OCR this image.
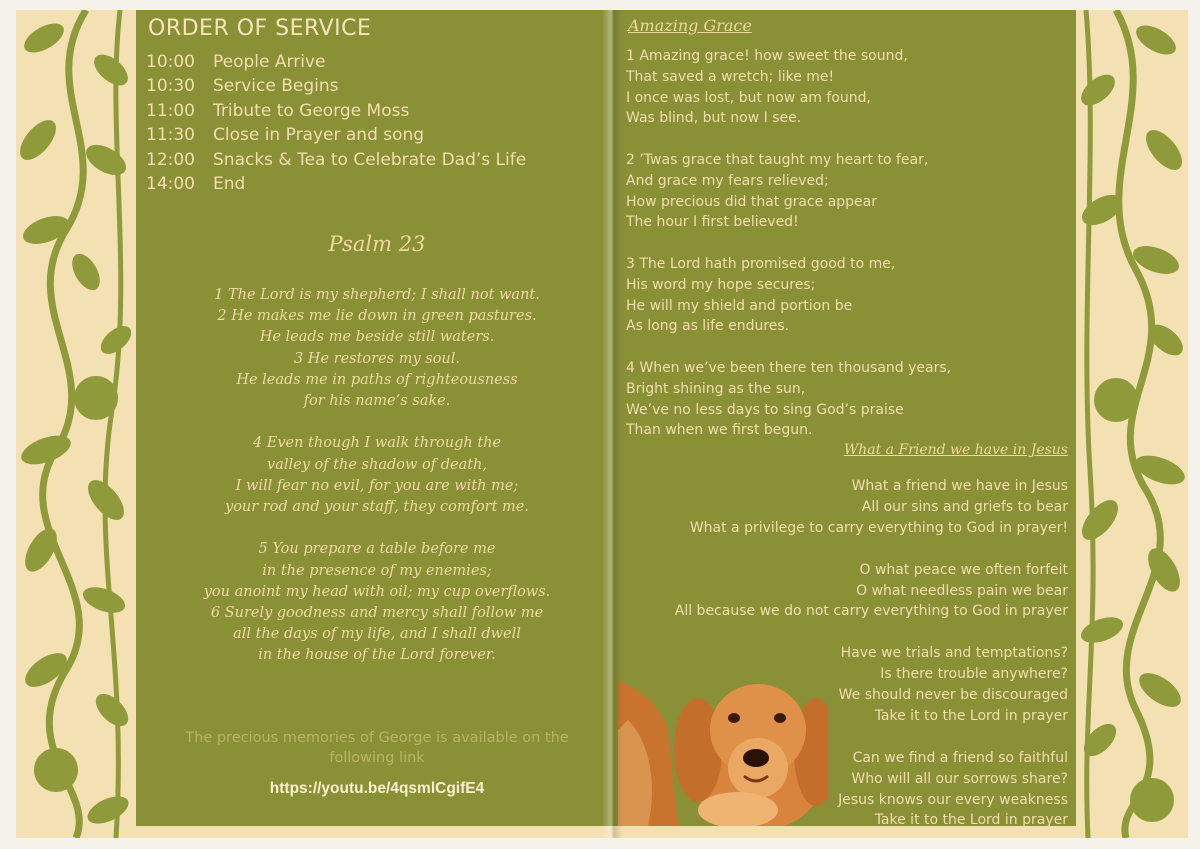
ORDER OF SERVICE
10:00	People Arrive
10:30	Service Begins
11:00	Tribute to George Moss
11:30	Close in Prayer and song
12:00	Snacks & Tea to Celebrate Dad’s Life
14:00	End
Psalm 23
1 The Lord is my shepherd; I shall not want.
2 He makes me lie down in green pastures.
He leads me beside still waters.
3 He restores my soul.
He leads me in paths of righteousness
for his name’s sake.
4 Even though I walk through the
valley of the shadow of death,
I will fear no evil, for you are with me;
your rod and your staff, they comfort me.
5 You prepare a table before me
in the presence of my enemies;
you anoint my head with oil; my cup overflows.
6 Surely goodness and mercy shall follow me
all the days of my life, and I shall dwell
in the house of the Lord forever.
The precious memories of George is available on the
following link
https://youtu.be/4qsmlCgifE4
Amazing Grace
1 Amazing grace! how sweet the sound,
That saved a wretch; like me!
I once was lost, but now am found,
Was blind, but now I see.
2 ’Twas grace that taught my heart to fear,
And grace my fears relieved;
How precious did that grace appear
The hour I first believed!
3 The Lord hath promised good to me,
His word my hope secures;
He will my shield and portion be
As long as life endures.
4 When we’ve been there ten thousand years,
Bright shining as the sun,
We’ve no less days to sing God’s praise
Than when we first begun.
What a Friend we have in Jesus
What a friend we have in Jesus
All our sins and griefs to bear
What a privilege to carry everything to God in prayer!
O what peace we often forfeit
O what needless pain we bear
All because we do not carry everything to God in prayer
Have we trials and temptations?
Is there trouble anywhere?
We should never be discouraged
Take it to the Lord in prayer
Can we find a friend so faithful
Who will all our sorrows share?
Jesus knows our every weakness
Take it to the Lord in prayer
